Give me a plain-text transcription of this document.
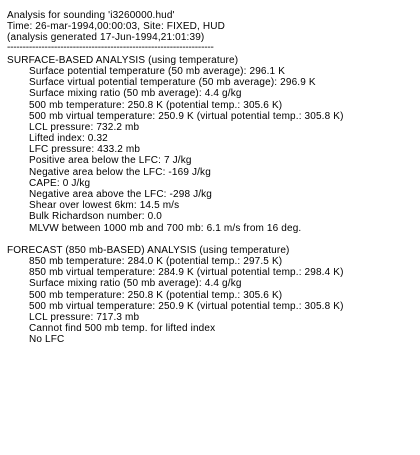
Analysis for sounding 'i3260000.hud'
Time: 26-mar-1994,00:00:03, Site: FIXED, HUD
(analysis generated 17-Jun-1994,21:01:39)
------------------------------------------------------------------
SURFACE-BASED ANALYSIS (using temperature)
Surface potential temperature (50 mb average): 296.1 K
Surface virtual potential temperature (50 mb average): 296.9 K
Surface mixing ratio (50 mb average): 4.4 g/kg
500 mb temperature: 250.8 K (potential temp.: 305.6 K)
500 mb virtual temperature: 250.9 K (virtual potential temp.: 305.8 K)
LCL pressure: 732.2 mb
Lifted index: 0.32
LFC pressure: 433.2 mb
Positive area below the LFC: 7 J/kg
Negative area below the LFC: -169 J/kg
CAPE: 0 J/kg
Negative area above the LFC: -298 J/kg
Shear over lowest 6km: 14.5 m/s
Bulk Richardson number: 0.0
MLVW between 1000 mb and 700 mb: 6.1 m/s from 16 deg.
FORECAST (850 mb-BASED) ANALYSIS (using temperature)
850 mb temperature: 284.0 K (potential temp.: 297.5 K)
850 mb virtual temperature: 284.9 K (virtual potential temp.: 298.4 K)
Surface mixing ratio (50 mb average): 4.4 g/kg
500 mb temperature: 250.8 K (potential temp.: 305.6 K)
500 mb virtual temperature: 250.9 K (virtual potential temp.: 305.8 K)
LCL pressure: 717.3 mb
Cannot find 500 mb temp. for lifted index
No LFC
